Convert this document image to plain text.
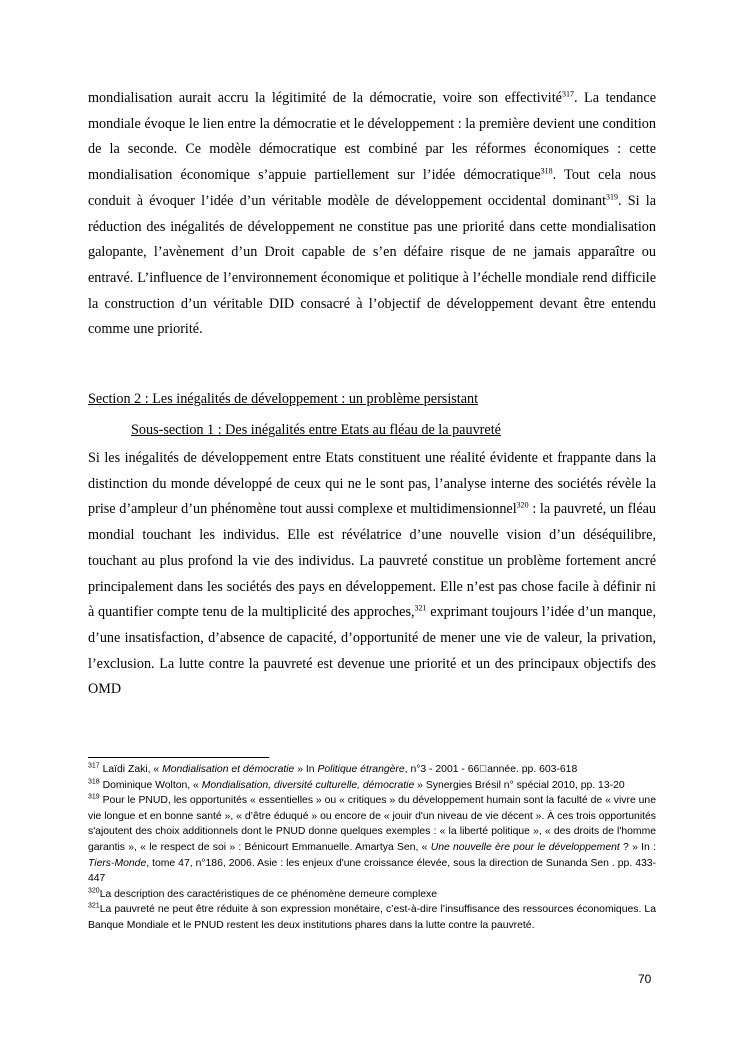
mondialisation aurait accru la légitimité de la démocratie, voire son effectivité$^{317}$. La tendance mondiale évoque le lien entre la démocratie et le développement : la première devient une condition de la seconde. Ce modèle démocratique est combiné par les réformes économiques : cette mondialisation économique s’appuie partiellement sur l’idée démocratique$^{318}$. Tout cela nous conduit à évoquer l’idée d’un véritable modèle de développement occidental dominant$^{319}$. Si la réduction des inégalités de développement ne constitue pas une priorité dans cette mondialisation galopante, l’avènement d’un Droit capable de s’en défaire risque de ne jamais apparaître ou entravé. L’influence de l’environnement économique et politique à l’échelle mondiale rend difficile la construction d’un véritable DID consacré à l’objectif de développement devant être entendu comme une priorité.
Section 2 : Les inégalités de développement : un problème persistant
Sous-section 1 : Des inégalités entre Etats au fléau de la pauvreté
Si les inégalités de développement entre Etats constituent une réalité évidente et frappante dans la distinction du monde développé de ceux qui ne le sont pas, l’analyse interne des sociétés révèle la prise d’ampleur d’un phénomène tout aussi complexe et multidimensionnel$^{320}$ : la pauvreté, un fléau mondial touchant les individus. Elle est révélatrice d’une nouvelle vision d’un déséquilibre, touchant au plus profond la vie des individus. La pauvreté constitue un problème fortement ancré principalement dans les sociétés des pays en développement. Elle n’est pas chose facile à définir ni à quantifier compte tenu de la multiplicité des approches,$^{321}$ exprimant toujours l’idée d’un manque, d’une insatisfaction, d’absence de capacité, d’opportunité de mener une vie de valeur, la privation, l’exclusion. La lutte contre la pauvreté est devenue une priorité et un des principaux objectifs des OMD

$^{317}$ Laïdi Zaki, « Mondialisation et démocratie » In Politique étrangère, n°3 - 2001 - 66 année. pp. 603-618

$^{318}$ Dominique Wolton, « Mondialisation, diversité culturelle, démocratie » Synergies Brésil n° spécial 2010, pp. 13-20

$^{319}$ Pour le PNUD, les opportunités « essentielles » ou « critiques » du développement humain sont la faculté de « vivre une vie longue et en bonne santé », « d’être éduqué » ou encore de « jouir d'un niveau de vie décent ». À ces trois opportunités s'ajoutent des choix additionnels dont le PNUD donne quelques exemples : « la liberté politique », « des droits de l'homme garantis », « le respect de soi » : Bénicourt Emmanuelle. Amartya Sen, « Une nouvelle ère pour le développement ? » In : Tiers-Monde, tome 47, n°186, 2006. Asie : les enjeux d'une croissance élevée, sous la direction de Sunanda Sen . pp. 433-447

$^{320}$La description des caractéristiques de ce phénomène demeure complexe

$^{321}$La pauvreté ne peut être réduite à son expression monétaire, c’est-à-dire l’insuffisance des ressources économiques. La Banque Mondiale et le PNUD restent les deux institutions phares dans la lutte contre la pauvreté.

70
